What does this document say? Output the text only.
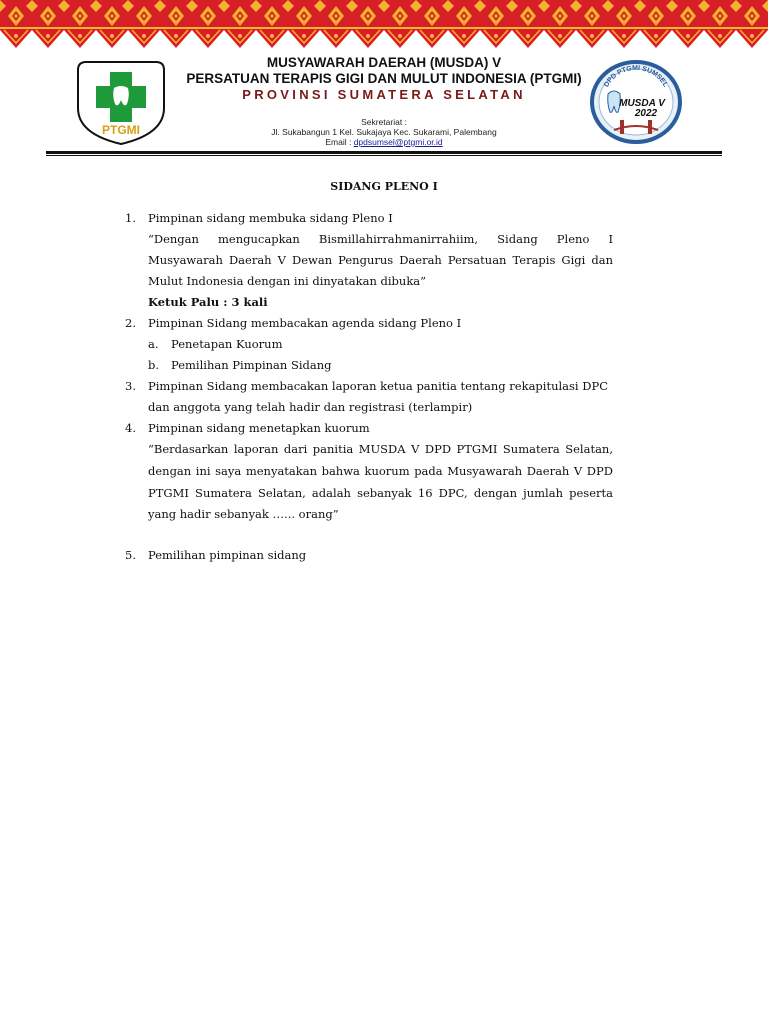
PTGMI
DPD PTGMI SUMSEL
MUSDA V
2022
MUSYAWARAH DAERAH (MUSDA) V
PERSATUAN TERAPIS GIGI DAN MULUT INDONESIA (PTGMI)
PROVINSI SUMATERA SELATAN
Sekretariat :
Jl. Sukabangun 1 Kel. Sukajaya Kec. Sukarami, Palembang
Email : dpdsumsel@ptgmi.or.id
SIDANG PLENO I
1. Pimpinan sidang membuka sidang Pleno I
“Dengan mengucapkan Bismillahirrahmanirrahiim, Sidang Pleno I
Musyawarah Daerah V Dewan Pengurus Daerah Persatuan Terapis Gigi dan
Mulut Indonesia dengan ini dinyatakan dibuka”
Ketuk Palu : 3 kali
2. Pimpinan Sidang membacakan agenda sidang Pleno I
a. Penetapan Kuorum
b. Pemilihan Pimpinan Sidang
3. Pimpinan Sidang membacakan laporan ketua panitia tentang rekapitulasi DPC
dan anggota yang telah hadir dan registrasi (terlampir)
4. Pimpinan sidang menetapkan kuorum
“Berdasarkan laporan dari panitia MUSDA V DPD PTGMI Sumatera Selatan,
dengan ini saya menyatakan bahwa kuorum pada Musyawarah Daerah V DPD
PTGMI Sumatera Selatan, adalah sebanyak 16 DPC, dengan jumlah peserta
yang hadir sebanyak …... orang”
5. Pemilihan pimpinan sidang
